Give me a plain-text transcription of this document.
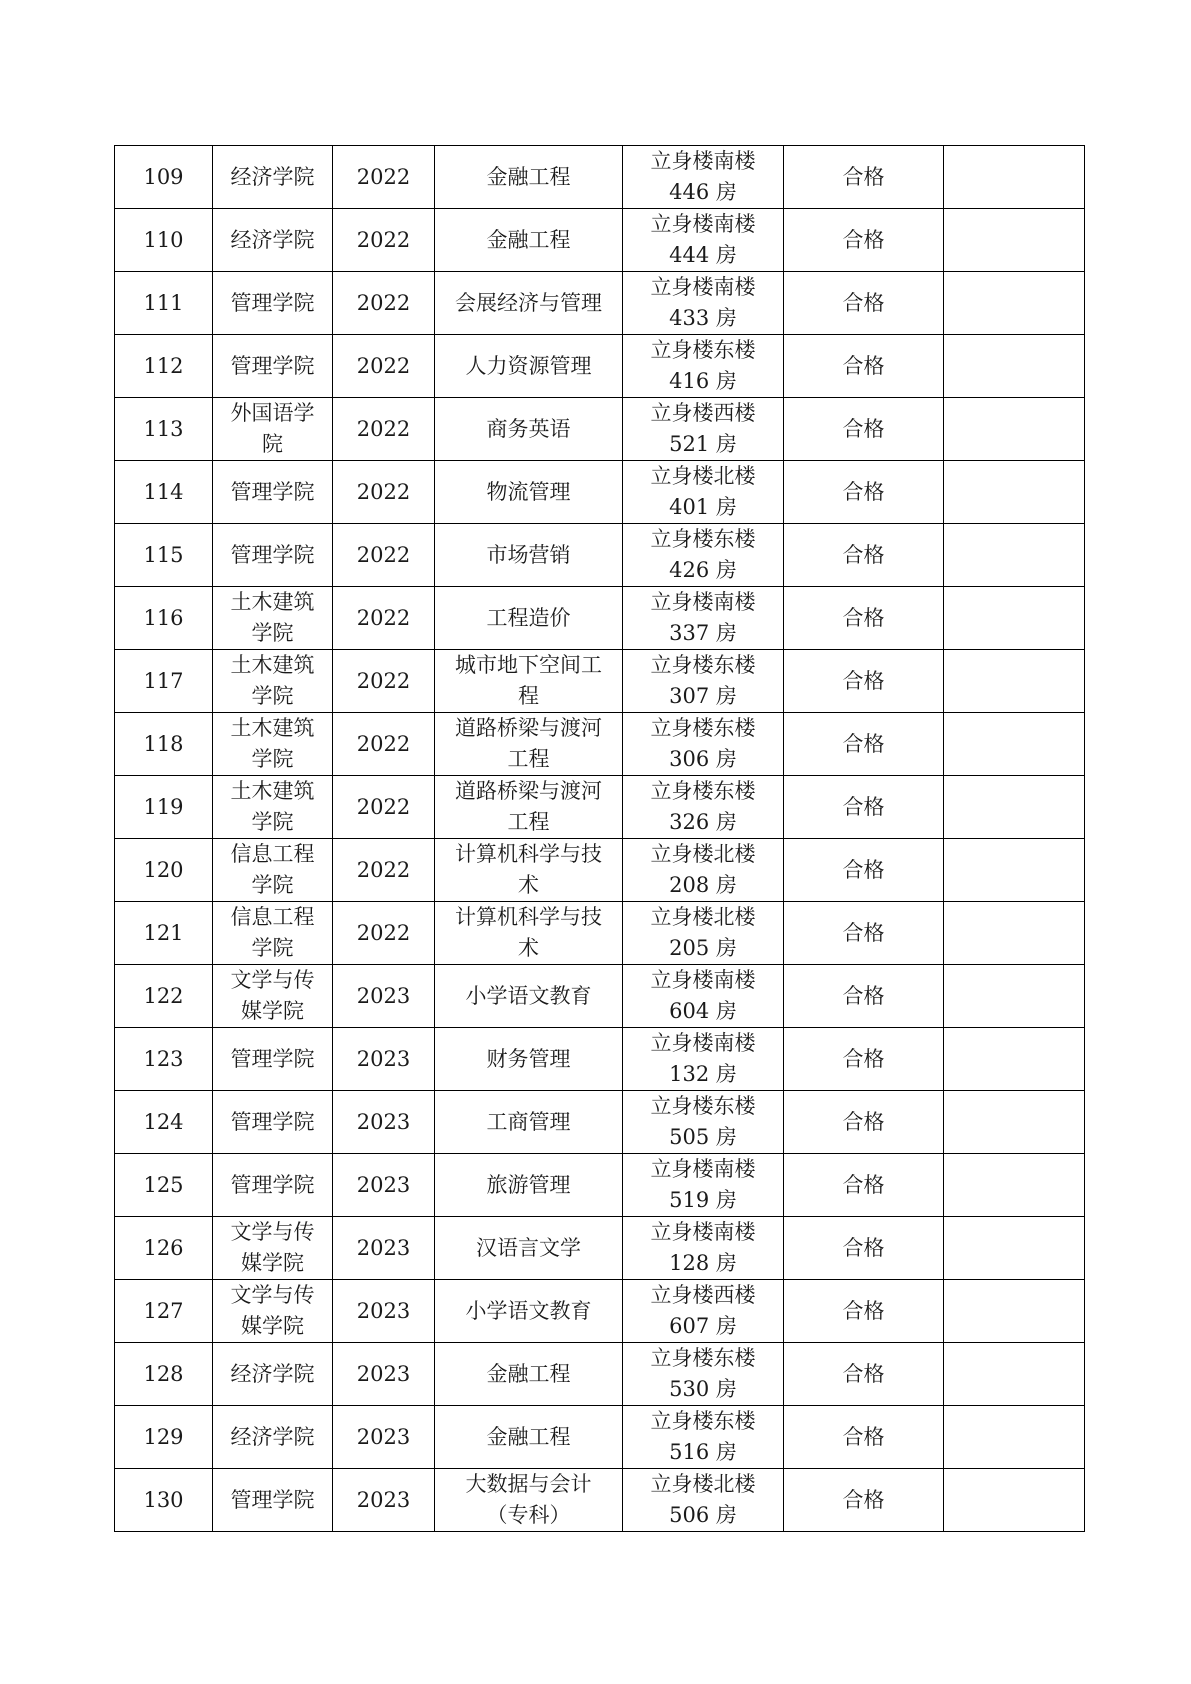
109	经济学院	2022	金融工程	立身楼南楼
446 房	合格	
110	经济学院	2022	金融工程	立身楼南楼
444 房	合格	
111	管理学院	2022	会展经济与管理	立身楼南楼
433 房	合格	
112	管理学院	2022	人力资源管理	立身楼东楼
416 房	合格	
113	外国语学
院	2022	商务英语	立身楼西楼
521 房	合格	
114	管理学院	2022	物流管理	立身楼北楼
401 房	合格	
115	管理学院	2022	市场营销	立身楼东楼
426 房	合格	
116	土木建筑
学院	2022	工程造价	立身楼南楼
337 房	合格	
117	土木建筑
学院	2022	城市地下空间工
程	立身楼东楼
307 房	合格	
118	土木建筑
学院	2022	道路桥梁与渡河
工程	立身楼东楼
306 房	合格	
119	土木建筑
学院	2022	道路桥梁与渡河
工程	立身楼东楼
326 房	合格	
120	信息工程
学院	2022	计算机科学与技
术	立身楼北楼
208 房	合格	
121	信息工程
学院	2022	计算机科学与技
术	立身楼北楼
205 房	合格	
122	文学与传
媒学院	2023	小学语文教育	立身楼南楼
604 房	合格	
123	管理学院	2023	财务管理	立身楼南楼
132 房	合格	
124	管理学院	2023	工商管理	立身楼东楼
505 房	合格	
125	管理学院	2023	旅游管理	立身楼南楼
519 房	合格	
126	文学与传
媒学院	2023	汉语言文学	立身楼南楼
128 房	合格	
127	文学与传
媒学院	2023	小学语文教育	立身楼西楼
607 房	合格	
128	经济学院	2023	金融工程	立身楼东楼
530 房	合格	
129	经济学院	2023	金融工程	立身楼东楼
516 房	合格	
130	管理学院	2023	大数据与会计
（专科）	立身楼北楼
506 房	合格	
